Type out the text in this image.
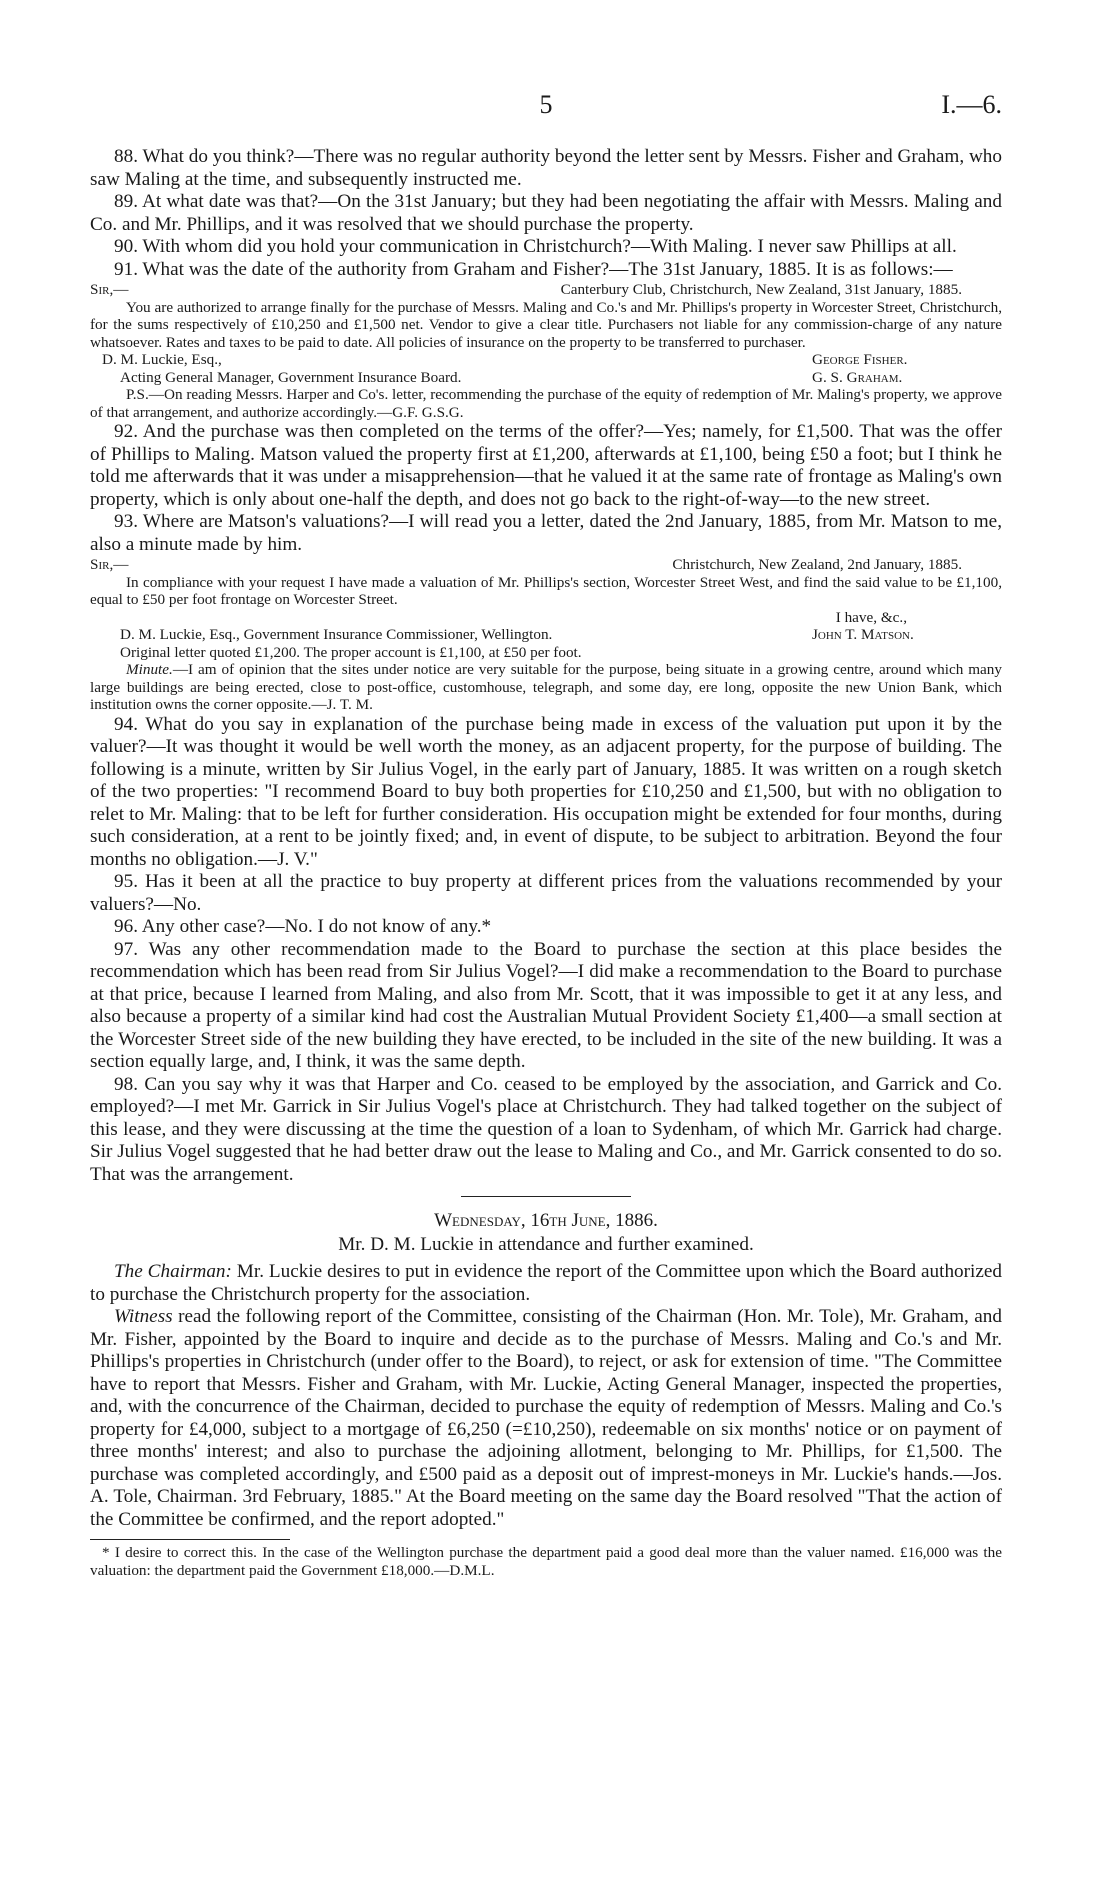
5	I.—6.

88. What do you think?—There was no regular authority beyond the letter sent by Messrs. Fisher and Graham, who saw Maling at the time, and subsequently instructed me.

89. At what date was that?—On the 31st January; but they had been negotiating the affair with Messrs. Maling and Co. and Mr. Phillips, and it was resolved that we should purchase the property.

90. With whom did you hold your communication in Christchurch?—With Maling. I never saw Phillips at all.

91. What was the date of the authority from Graham and Fisher?—The 31st January, 1885. It is as follows:—

Sir,—	Canterbury Club, Christchurch, New Zealand, 31st January, 1885.

You are authorized to arrange finally for the purchase of Messrs. Maling and Co.'s and Mr. Phillips's property in Worcester Street, Christchurch, for the sums respectively of £10,250 and £1,500 net. Vendor to give a clear title. Purchasers not liable for any commission-charge of any nature whatsoever. Rates and taxes to be paid to date. All policies of insurance on the property to be transferred to purchaser.

D. M. Luckie, Esq.,	George Fisher.
Acting General Manager, Government Insurance Board.	G. S. Graham.

P.S.—On reading Messrs. Harper and Co's. letter, recommending the purchase of the equity of redemption of Mr. Maling's property, we approve of that arrangement, and authorize accordingly.—G.F. G.S.G.

92. And the purchase was then completed on the terms of the offer?—Yes; namely, for £1,500. That was the offer of Phillips to Maling. Matson valued the property first at £1,200, afterwards at £1,100, being £50 a foot; but I think he told me afterwards that it was under a misapprehension—that he valued it at the same rate of frontage as Maling's own property, which is only about one-half the depth, and does not go back to the right-of-way—to the new street.

93. Where are Matson's valuations?—I will read you a letter, dated the 2nd January, 1885, from Mr. Matson to me, also a minute made by him.

Sir,—	Christchurch, New Zealand, 2nd January, 1885.

In compliance with your request I have made a valuation of Mr. Phillips's section, Worcester Street West, and find the said value to be £1,100, equal to £50 per foot frontage on Worcester Street.

I have, &c.,

D. M. Luckie, Esq., Government Insurance Commissioner, Wellington.	John T. Matson.

Original letter quoted £1,200. The proper account is £1,100, at £50 per foot.

Minute.—I am of opinion that the sites under notice are very suitable for the purpose, being situate in a growing centre, around which many large buildings are being erected, close to post-office, customhouse, telegraph, and some day, ere long, opposite the new Union Bank, which institution owns the corner opposite.—J. T. M.

94. What do you say in explanation of the purchase being made in excess of the valuation put upon it by the valuer?—It was thought it would be well worth the money, as an adjacent property, for the purpose of building. The following is a minute, written by Sir Julius Vogel, in the early part of January, 1885. It was written on a rough sketch of the two properties: "I recommend Board to buy both properties for £10,250 and £1,500, but with no obligation to relet to Mr. Maling: that to be left for further consideration. His occupation might be extended for four months, during such consideration, at a rent to be jointly fixed; and, in event of dispute, to be subject to arbitration. Beyond the four months no obligation.—J. V."

95. Has it been at all the practice to buy property at different prices from the valuations recommended by your valuers?—No.

96. Any other case?—No. I do not know of any.*

97. Was any other recommendation made to the Board to purchase the section at this place besides the recommendation which has been read from Sir Julius Vogel?—I did make a recommendation to the Board to purchase at that price, because I learned from Maling, and also from Mr. Scott, that it was impossible to get it at any less, and also because a property of a similar kind had cost the Australian Mutual Provident Society £1,400—a small section at the Worcester Street side of the new building they have erected, to be included in the site of the new building. It was a section equally large, and, I think, it was the same depth.

98. Can you say why it was that Harper and Co. ceased to be employed by the association, and Garrick and Co. employed?—I met Mr. Garrick in Sir Julius Vogel's place at Christchurch. They had talked together on the subject of this lease, and they were discussing at the time the question of a loan to Sydenham, of which Mr. Garrick had charge. Sir Julius Vogel suggested that he had better draw out the lease to Maling and Co., and Mr. Garrick consented to do so. That was the arrangement.

Wednesday, 16th June, 1886.
Mr. D. M. Luckie in attendance and further examined.

The Chairman: Mr. Luckie desires to put in evidence the report of the Committee upon which the Board authorized to purchase the Christchurch property for the association.

Witness read the following report of the Committee, consisting of the Chairman (Hon. Mr. Tole), Mr. Graham, and Mr. Fisher, appointed by the Board to inquire and decide as to the purchase of Messrs. Maling and Co.'s and Mr. Phillips's properties in Christchurch (under offer to the Board), to reject, or ask for extension of time. "The Committee have to report that Messrs. Fisher and Graham, with Mr. Luckie, Acting General Manager, inspected the properties, and, with the concurrence of the Chairman, decided to purchase the equity of redemption of Messrs. Maling and Co.'s property for £4,000, subject to a mortgage of £6,250 (=£10,250), redeemable on six months' notice or on payment of three months' interest; and also to purchase the adjoining allotment, belonging to Mr. Phillips, for £1,500. The purchase was completed accordingly, and £500 paid as a deposit out of imprest-moneys in Mr. Luckie's hands.—Jos. A. Tole, Chairman. 3rd February, 1885." At the Board meeting on the same day the Board resolved "That the action of the Committee be confirmed, and the report adopted."

* I desire to correct this. In the case of the Wellington purchase the department paid a good deal more than the valuer named. £16,000 was the valuation: the department paid the Government £18,000.—D.M.L.
